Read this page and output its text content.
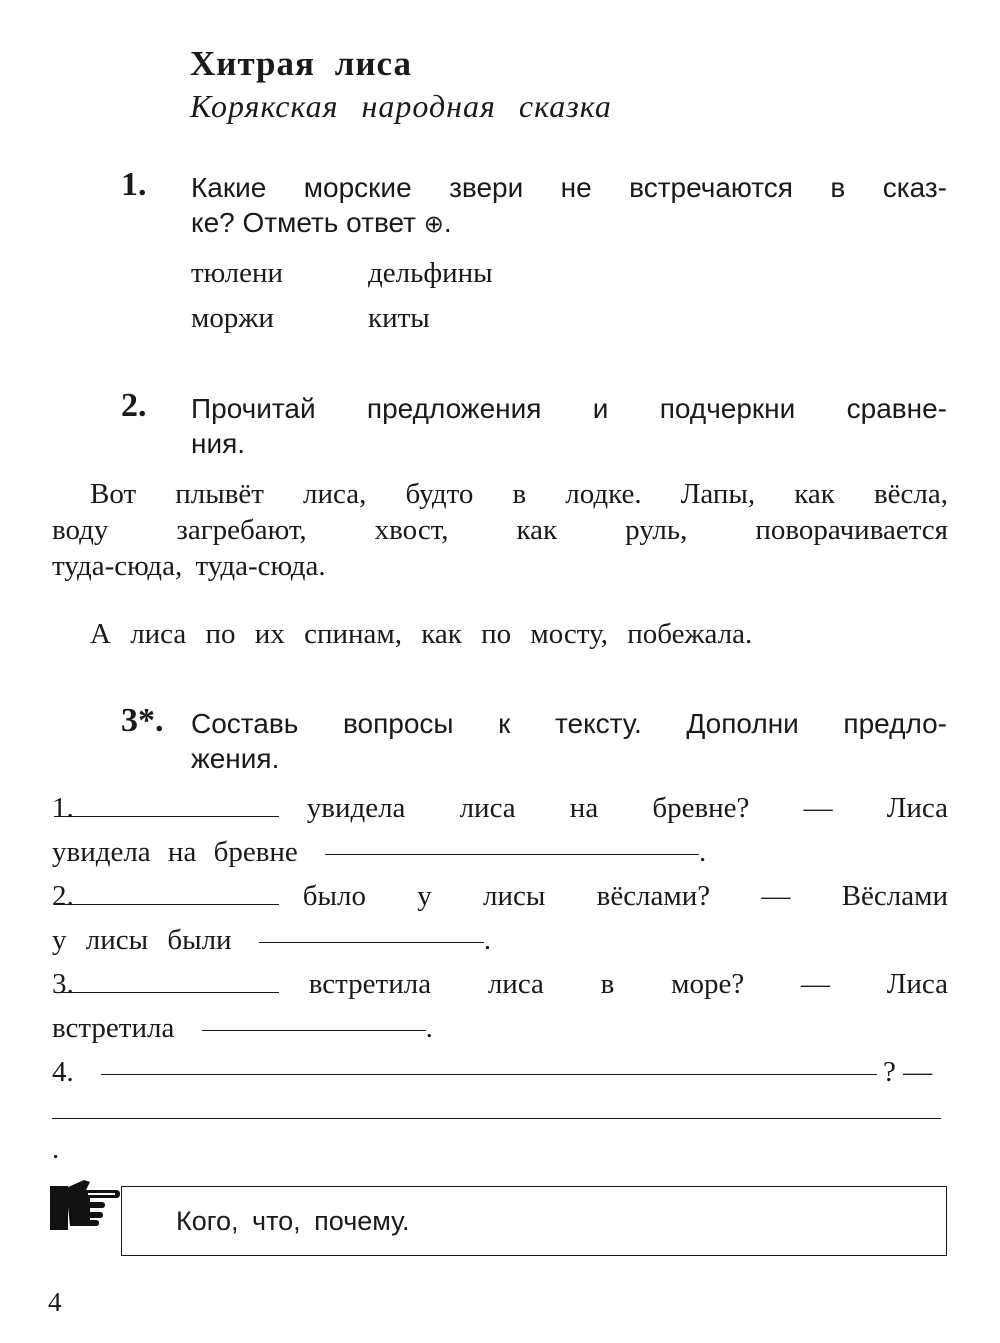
Хитрая лиса
Корякская народная сказка
1. Какие морские звери не встречаются в сказ-
ке? Отметь ответ ⊕.
тюлени	дельфины
моржи	киты
2. Прочитай предложения и подчеркни сравне-
ния.
Вот плывёт лиса, будто в лодке. Лапы, как вёсла,
воду загребают, хвост, как руль, поворачивается
туда-сюда, туда-сюда.
А лиса по их спинам, как по мосту, побежала.
3*. Составь вопросы к тексту. Дополни предло-
жения.
1.	увидела лиса на бревне? — Лиса
увидела на бревне	.
2.	было у лисы вёслами? — Вёслами
у лисы были	.
3.	встретила лиса в море? — Лиса
встретила	.
4.	? —
.
Кого, что, почему.
4
